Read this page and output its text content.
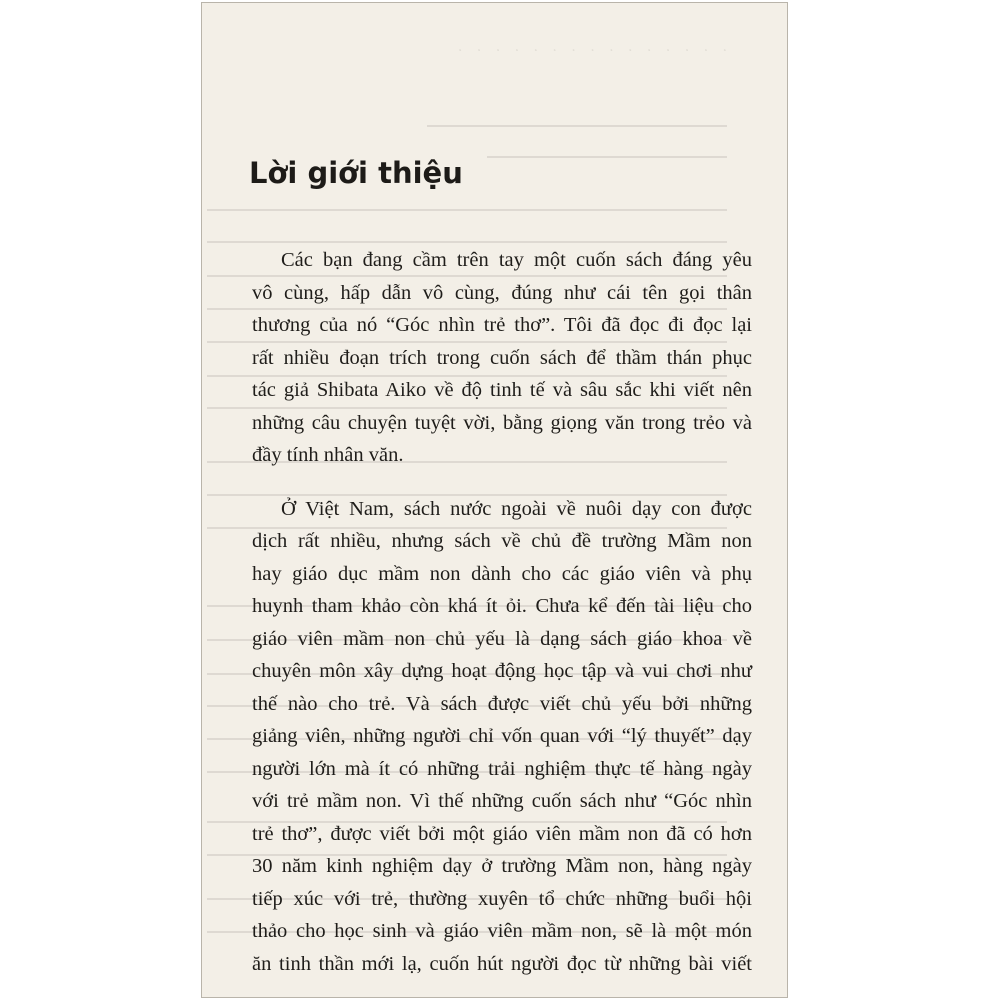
· · · · · · · · · · · · · · ·
Lời giới thiệu
Các bạn đang cầm trên tay một cuốn sách đáng yêu
vô cùng, hấp dẫn vô cùng, đúng như cái tên gọi thân
thương của nó “Góc nhìn trẻ thơ”. Tôi đã đọc đi đọc lại
rất nhiều đoạn trích trong cuốn sách để thầm thán phục
tác giả Shibata Aiko về độ tinh tế và sâu sắc khi viết nên
những câu chuyện tuyệt vời, bằng giọng văn trong trẻo và
đầy tính nhân văn.
Ở Việt Nam, sách nước ngoài về nuôi dạy con được
dịch rất nhiều, nhưng sách về chủ đề trường Mầm non
hay giáo dục mầm non dành cho các giáo viên và phụ
huynh tham khảo còn khá ít ỏi. Chưa kể đến tài liệu cho
giáo viên mầm non chủ yếu là dạng sách giáo khoa về
chuyên môn xây dựng hoạt động học tập và vui chơi như
thế nào cho trẻ. Và sách được viết chủ yếu bởi những
giảng viên, những người chỉ vốn quan với “lý thuyết” dạy
người lớn mà ít có những trải nghiệm thực tế hàng ngày
với trẻ mầm non. Vì thế những cuốn sách như “Góc nhìn
trẻ thơ”, được viết bởi một giáo viên mầm non đã có hơn
30 năm kinh nghiệm dạy ở trường Mầm non, hàng ngày
tiếp xúc với trẻ, thường xuyên tổ chức những buổi hội
thảo cho học sinh và giáo viên mầm non, sẽ là một món
ăn tinh thần mới lạ, cuốn hút người đọc từ những bài viết
